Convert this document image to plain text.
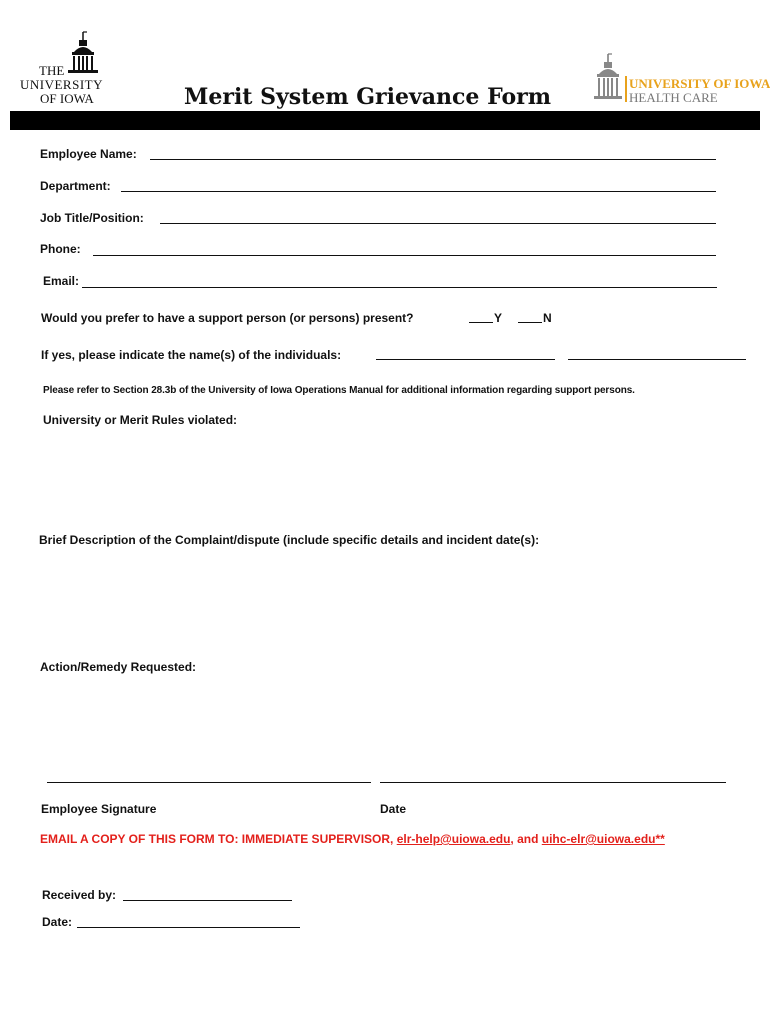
THE
UNIVERSITY
OF IOWA	Merit System Grievance Form
UNIVERSITY OF IOWA
HEALTH CARE
Employee Name:
Department:
Job Title/Position:
Phone:
Email:
Would you prefer to have a support person (or persons) present?	Y	N
If yes, please indicate the name(s) of the individuals:
Please refer to Section 28.3b of the University of Iowa Operations Manual for additional information regarding support persons.
University or Merit Rules violated:
Brief Description of the Complaint/dispute (include specific details and incident date(s):
Action/Remedy Requested:
Employee Signature	Date
EMAIL A COPY OF THIS FORM TO: IMMEDIATE SUPERVISOR, elr-help@uiowa.edu, and uihc-elr@uiowa.edu**
Received by:
Date:
